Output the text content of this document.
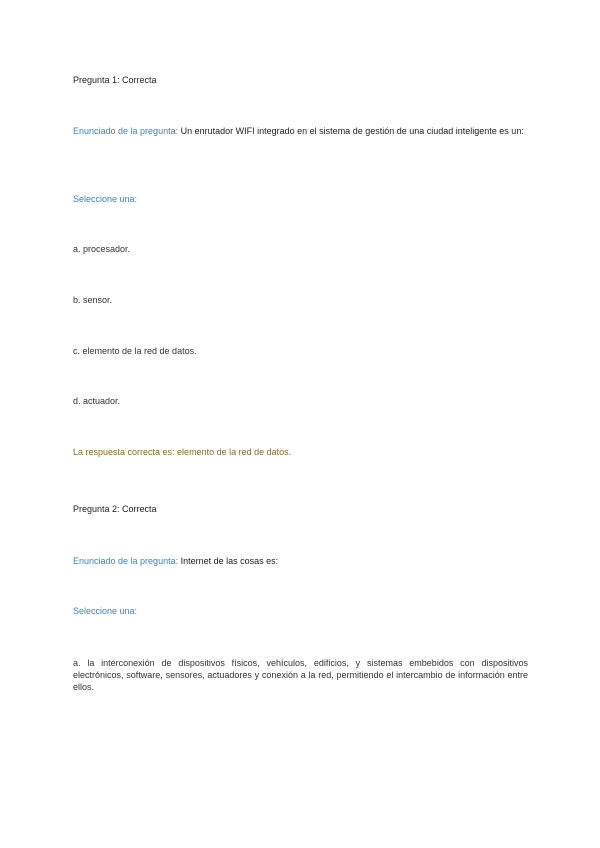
Pregunta 1: Correcta
Enunciado de la pregunta: Un enrutador WIFI integrado en el sistema de gestión de una ciudad inteligente es un:
Seleccione una:
a. procesador.
b. sensor.
c. elemento de la red de datos.
d. actuador.
La respuesta correcta es: elemento de la red de datos.
Pregunta 2: Correcta
Enunciado de la pregunta: Internet de las cosas es:
Seleccione una:
a. la interconexión de dispositivos físicos, vehículos, edificios, y sistemas embebidos con dispositivos electrónicos, software, sensores, actuadores y conexión a la red, permitiendo el intercambio de información entre ellos.
